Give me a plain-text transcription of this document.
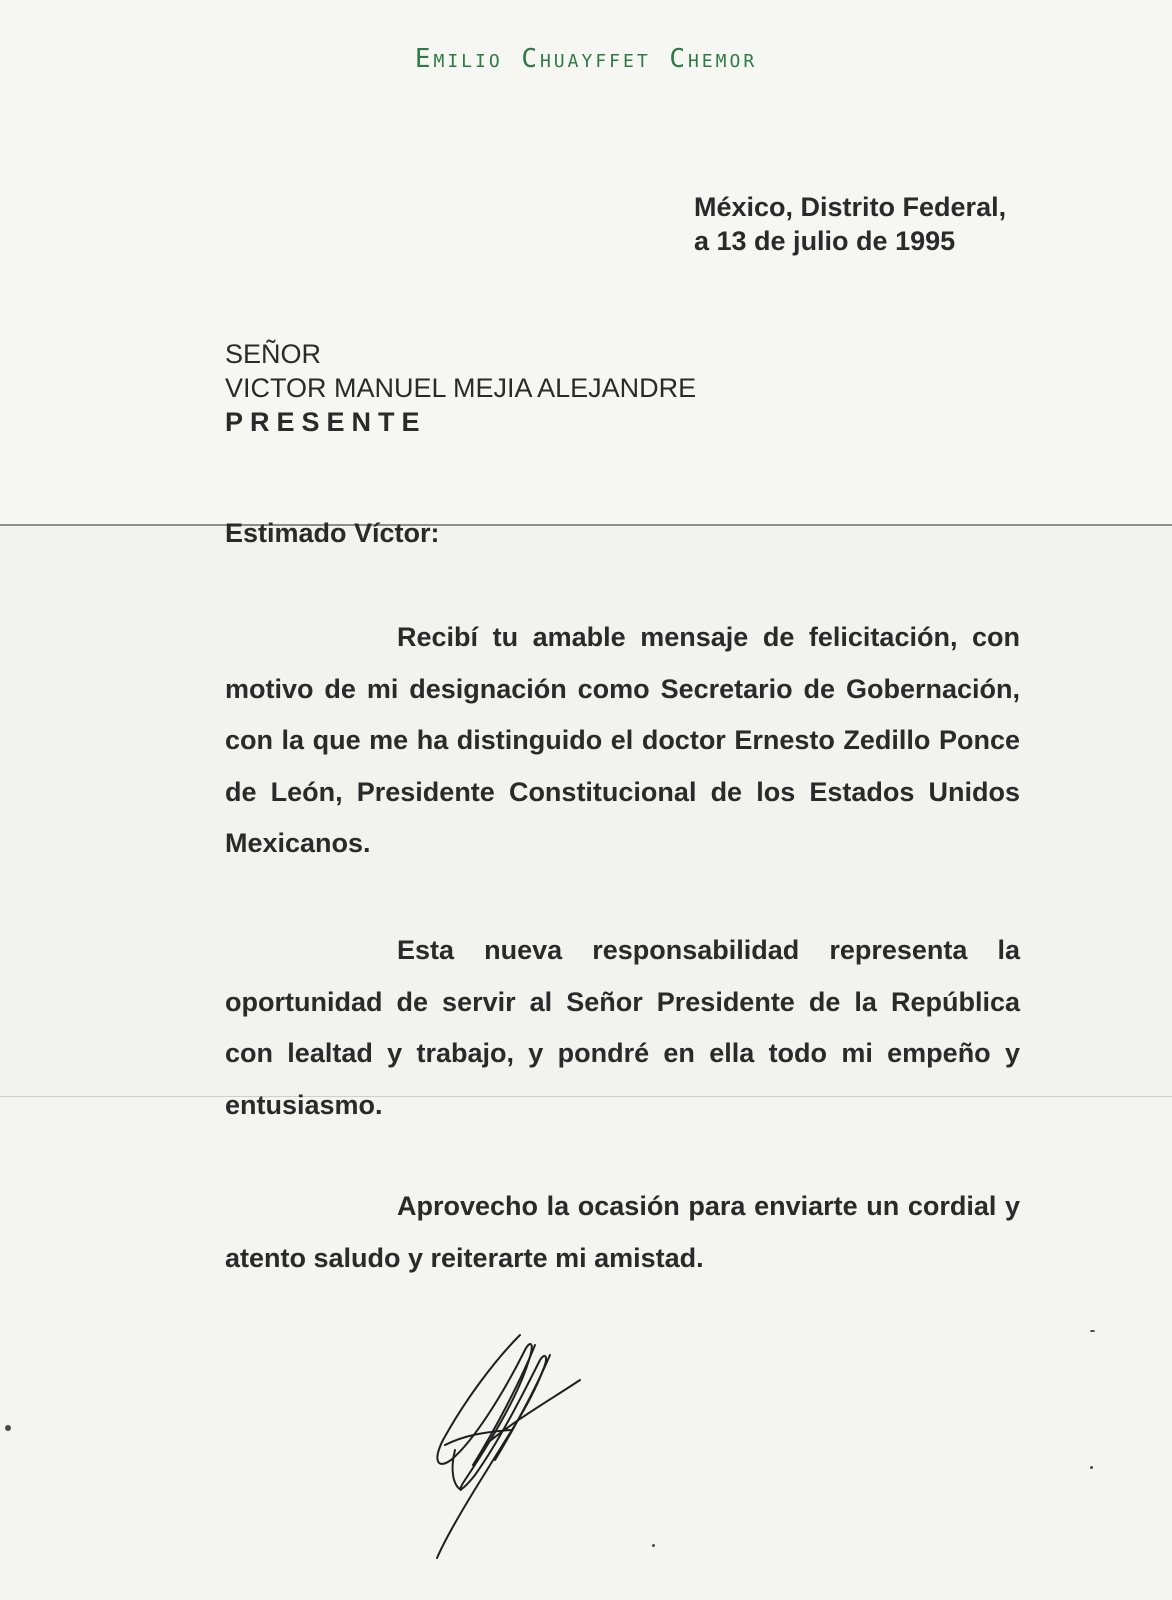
Emilio Chuayffet Chemor
México, Distrito Federal,
a 13 de julio de 1995
SEÑOR
VICTOR MANUEL MEJIA ALEJANDRE
PRESENTE
Estimado Víctor:
Recibí tu amable mensaje de felicitación, con motivo de mi designación como Secretario de Gobernación, con la que me ha distinguido el doctor Ernesto Zedillo Ponce de León, Presidente Constitucional de los Estados Unidos Mexicanos.
Esta nueva responsabilidad representa la oportunidad de servir al Señor Presidente de la República con lealtad y trabajo, y pondré en ella todo mi empeño y entusiasmo.
Aprovecho la ocasión para enviarte un cordial y atento saludo y reiterarte mi amistad.
